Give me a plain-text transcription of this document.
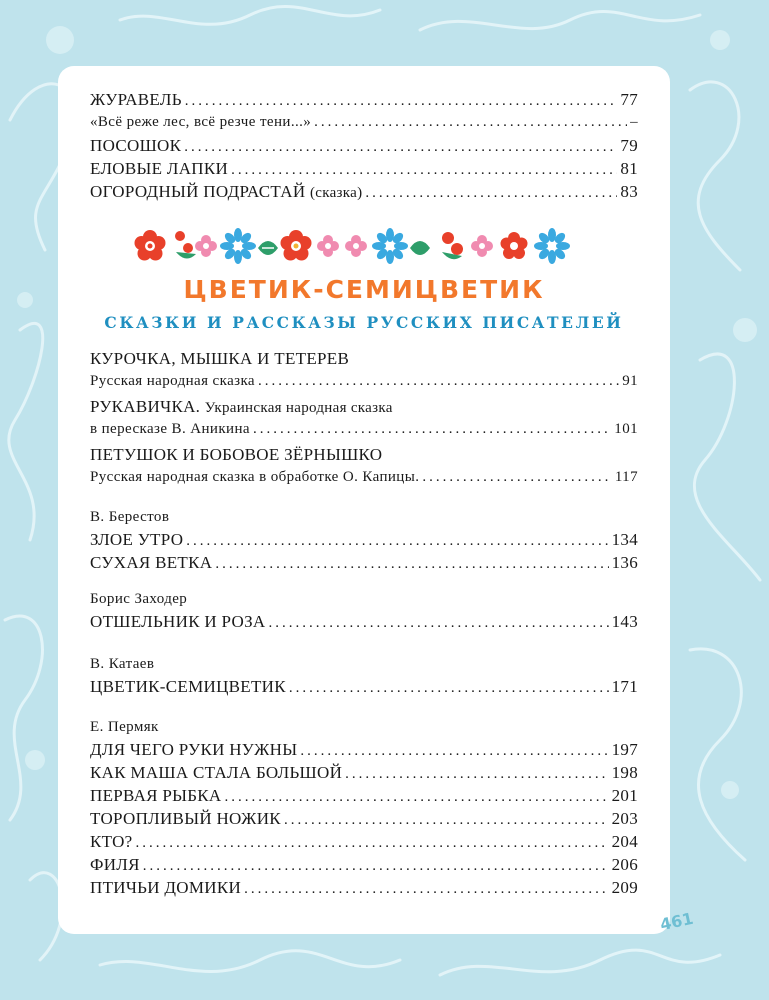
ЖУРАВЕЛЬ .....	77
«Всё реже лес, всё резче тени...» .....	–
ПОСОШОК .....	79
ЕЛОВЫЕ ЛАПКИ .....	81
ОГОРОДНЫЙ ПОДРАСТАЙ (сказка) .....	83
ЦВЕТИК-СЕМИЦВЕТИК
СКАЗКИ И РАССКАЗЫ РУССКИХ ПИСАТЕЛЕЙ
КУРОЧКА, МЫШКА И ТЕТЕРЕВ
Русская народная сказка .....	91
РУКАВИЧКА. Украинская народная сказка
в пересказе В. Аникина .....	101
ПЕТУШОК И БОБОВОЕ ЗЁРНЫШКО
Русская народная сказка в обработке О. Капицы. .....	117
В. Берестов
ЗЛОЕ УТРО .....	134
СУХАЯ ВЕТКА .....	136
Борис Заходер
ОТШЕЛЬНИК И РОЗА .....	143
В. Катаев
ЦВЕТИК-СЕМИЦВЕТИК .....	171
Е. Пермяк
ДЛЯ ЧЕГО РУКИ НУЖНЫ .....	197
КАК МАША СТАЛА БОЛЬШОЙ .....	198
ПЕРВАЯ РЫБКА .....	201
ТОРОПЛИВЫЙ НОЖИК .....	203
КТО? .....	204
ФИЛЯ .....	206
ПТИЧЬИ ДОМИКИ .....	209
461
